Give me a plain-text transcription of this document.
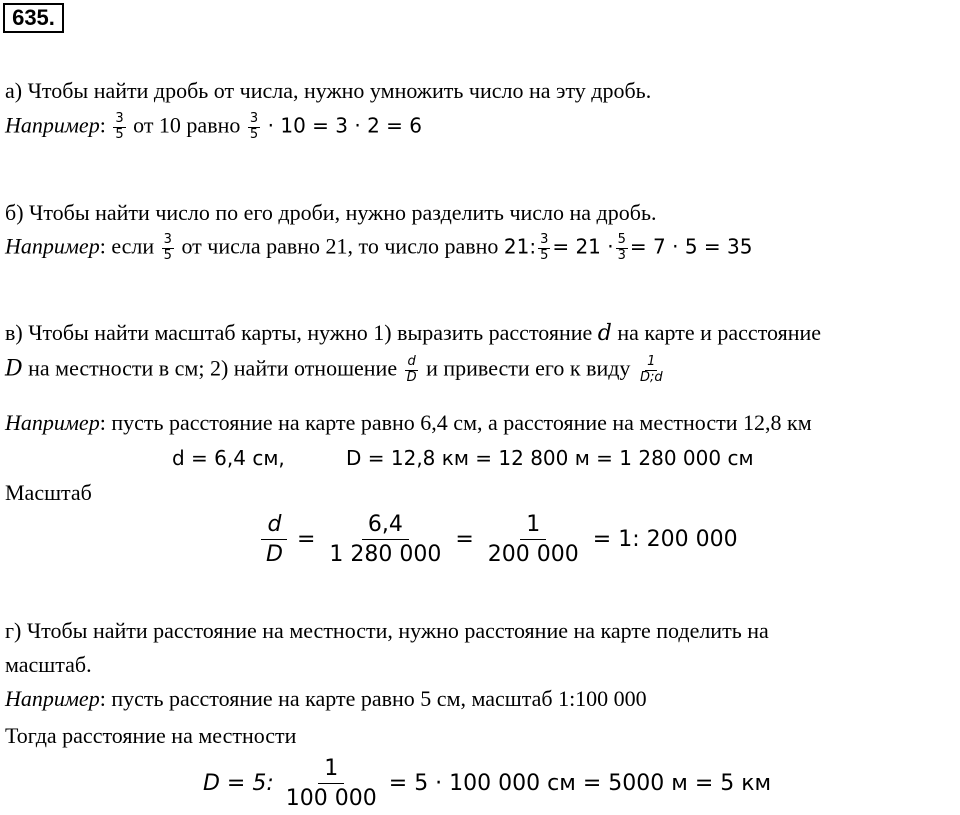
635.
а) Чтобы найти дробь от числа, нужно умножить число на эту дробь.
Например: $\frac{3}{5}$ от 10 равно $\frac{3}{5} \cdot 10 = 3 \cdot 2 = 6$
б) Чтобы найти число по его дроби, нужно разделить число на дробь.
Например: если $\frac{3}{5}$ от числа равно 21, то число равно 21: $\frac{3}{5} = 21 \cdot \frac{5}{3} = 7 \cdot 5 = 35$
в) Чтобы найти масштаб карты, нужно 1) выразить расстояние d на карте и расстояние
D на местности в см; 2) найти отношение $\frac{d}{D}$ и привести его к виду $\frac{1}{D;d}$
Например: пусть расстояние на карте равно 6,4 см, а расстояние на местности 12,8 км
d = 6,4 см,	D = 12,8 км = 12 800 м = 1 280 000 см
Масштаб
$\frac{d}{D} = \frac{6,4}{1 280 000} = \frac{1}{200 000} = 1$: 200 000
г) Чтобы найти расстояние на местности, нужно расстояние на карте поделить на
масштаб.
Например: пусть расстояние на карте равно 5 см, масштаб 1:100 000
Тогда расстояние на местности
D = 5: $\frac{1}{100 000} = 5 \cdot 100$ 000 см = 5000 м = 5 км
